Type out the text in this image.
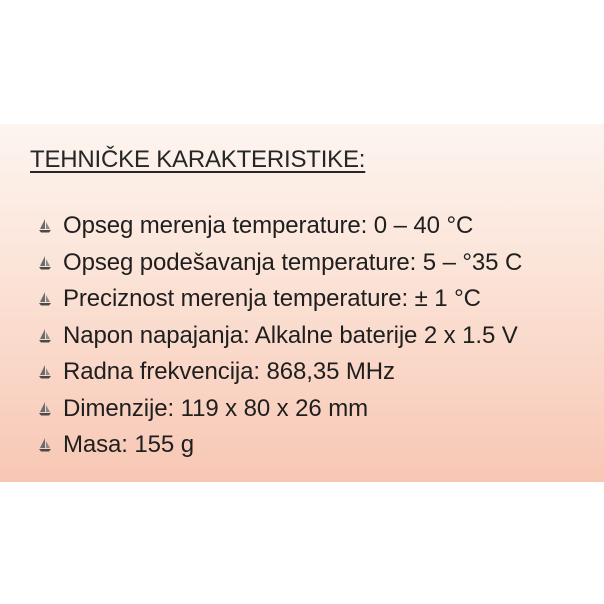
TEHNIČKE KARAKTERISTIKE:
Opseg merenja temperature: 0 – 40 °C
Opseg podešavanja temperature: 5 – °35 C
Preciznost merenja temperature: ± 1 °C
Napon napajanja: Alkalne baterije 2 x 1.5 V
Radna frekvencija: 868,35 MHz
Dimenzije: 119 x 80 x 26 mm
Masa: 155 g
